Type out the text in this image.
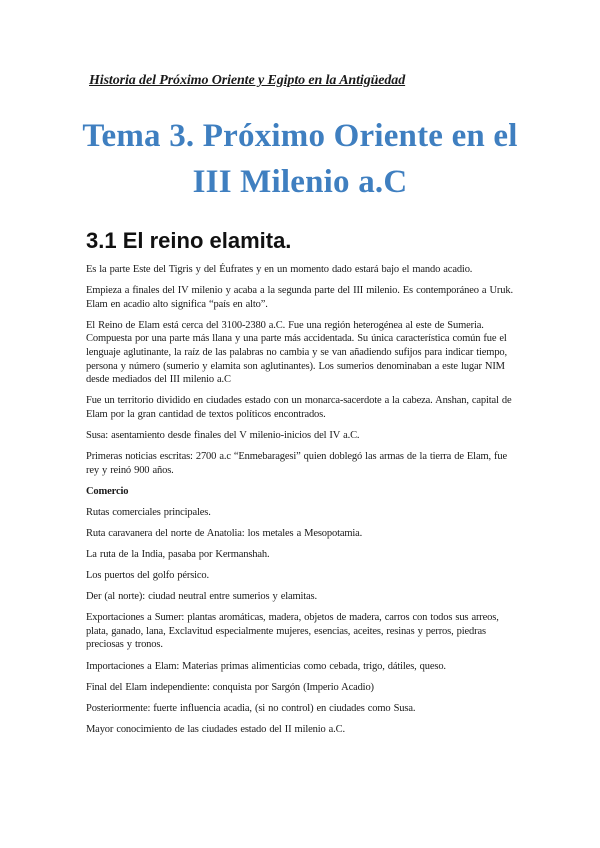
Historia del Próximo Oriente y Egipto en la Antigüedad
Tema 3. Próximo Oriente en el III Milenio a.C
3.1 El reino elamita.

Es la parte Este del Tigris y del Éufrates y en un momento dado estará bajo el mando acadio.

Empieza a finales del IV milenio y acaba a la segunda parte del III milenio. Es contemporáneo a Uruk. Elam en acadio alto significa “país en alto”.

El Reino de Elam está cerca del 3100-2380 a.C. Fue una región heterogénea al este de Sumeria. Compuesta por una parte más llana y una parte más accidentada. Su única característica común fue el lenguaje aglutinante, la raíz de las palabras no cambia y se van añadiendo sufijos para indicar tiempo, persona y número (sumerio y elamita son aglutinantes). Los sumerios denominaban a este lugar NIM desde mediados del III milenio a.C

Fue un territorio dividido en ciudades estado con un monarca-sacerdote a la cabeza. Anshan, capital de Elam por la gran cantidad de textos políticos encontrados.

Susa: asentamiento desde finales del V milenio-inicios del IV a.C.

Primeras noticias escritas: 2700 a.c “Enmebaragesi” quien doblegó las armas de la tierra de Elam, fue rey y reinó 900 años.

Comercio

Rutas comerciales principales.

Ruta caravanera del norte de Anatolia: los metales a Mesopotamia.

La ruta de la India, pasaba por Kermanshah.

Los puertos del golfo pérsico.

Der (al norte): ciudad neutral entre sumerios y elamitas.

Exportaciones a Sumer: plantas aromáticas, madera, objetos de madera, carros con todos sus arreos, plata, ganado, lana, Exclavitud especialmente mujeres, esencias, aceites, resinas y perros, piedras preciosas y tronos.

Importaciones a Elam: Materias primas alimenticias como cebada, trigo, dátiles, queso.

Final del Elam independiente: conquista por Sargón (Imperio Acadio)

Posteriormente: fuerte influencia acadia, (si no control) en ciudades como Susa.

Mayor conocimiento de las ciudades estado del II milenio a.C.
